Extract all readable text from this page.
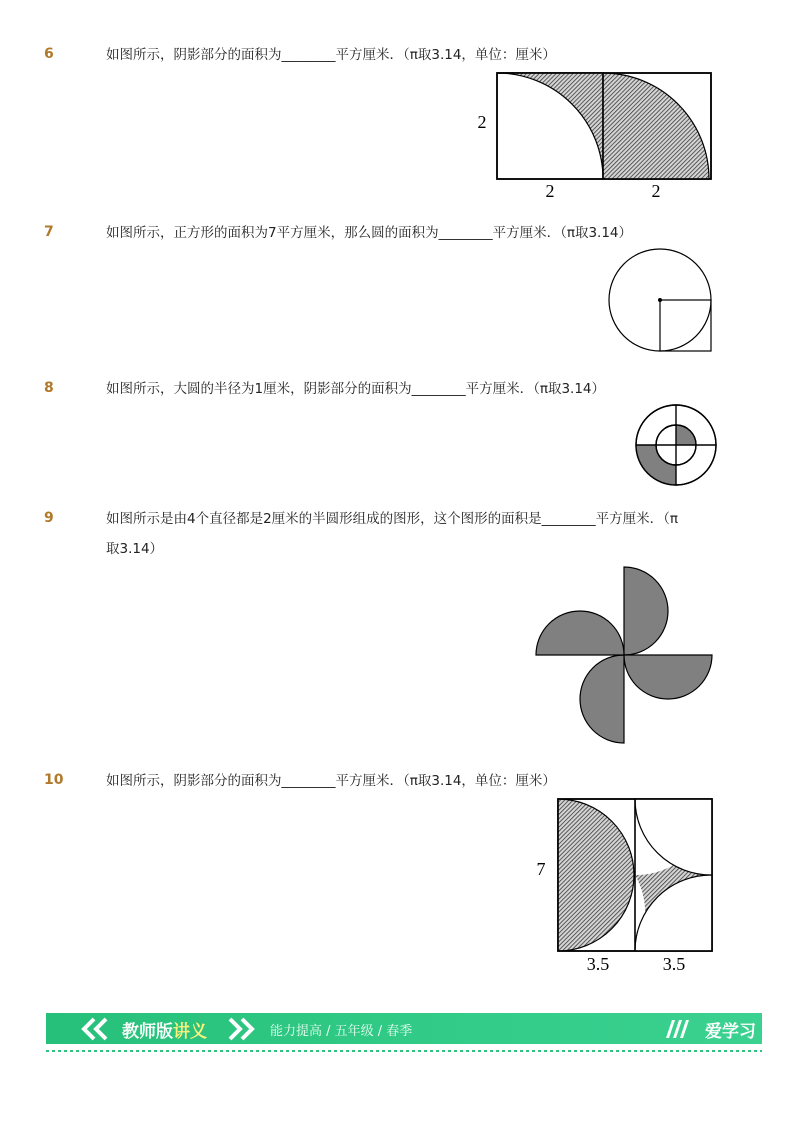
6	如图所示，阴影部分的面积为________平方厘米．（π取3.14，单位：厘米）
2
2	2
7	如图所示，正方形的面积为7平方厘米，那么圆的面积为________平方厘米．（π取3.14）
8	如图所示，大圆的半径为1厘米，阴影部分的面积为________平方厘米．（π取3.14）
9	如图所示是由4个直径都是2厘米的半圆形组成的图形，这个图形的面积是________平方厘米．（π
取3.14）
10	如图所示，阴影部分的面积为________平方厘米．（π取3.14，单位：厘米）
7
3.5	3.5
教师版讲义	能力提高 / 五年级 / 春季	爱学习
